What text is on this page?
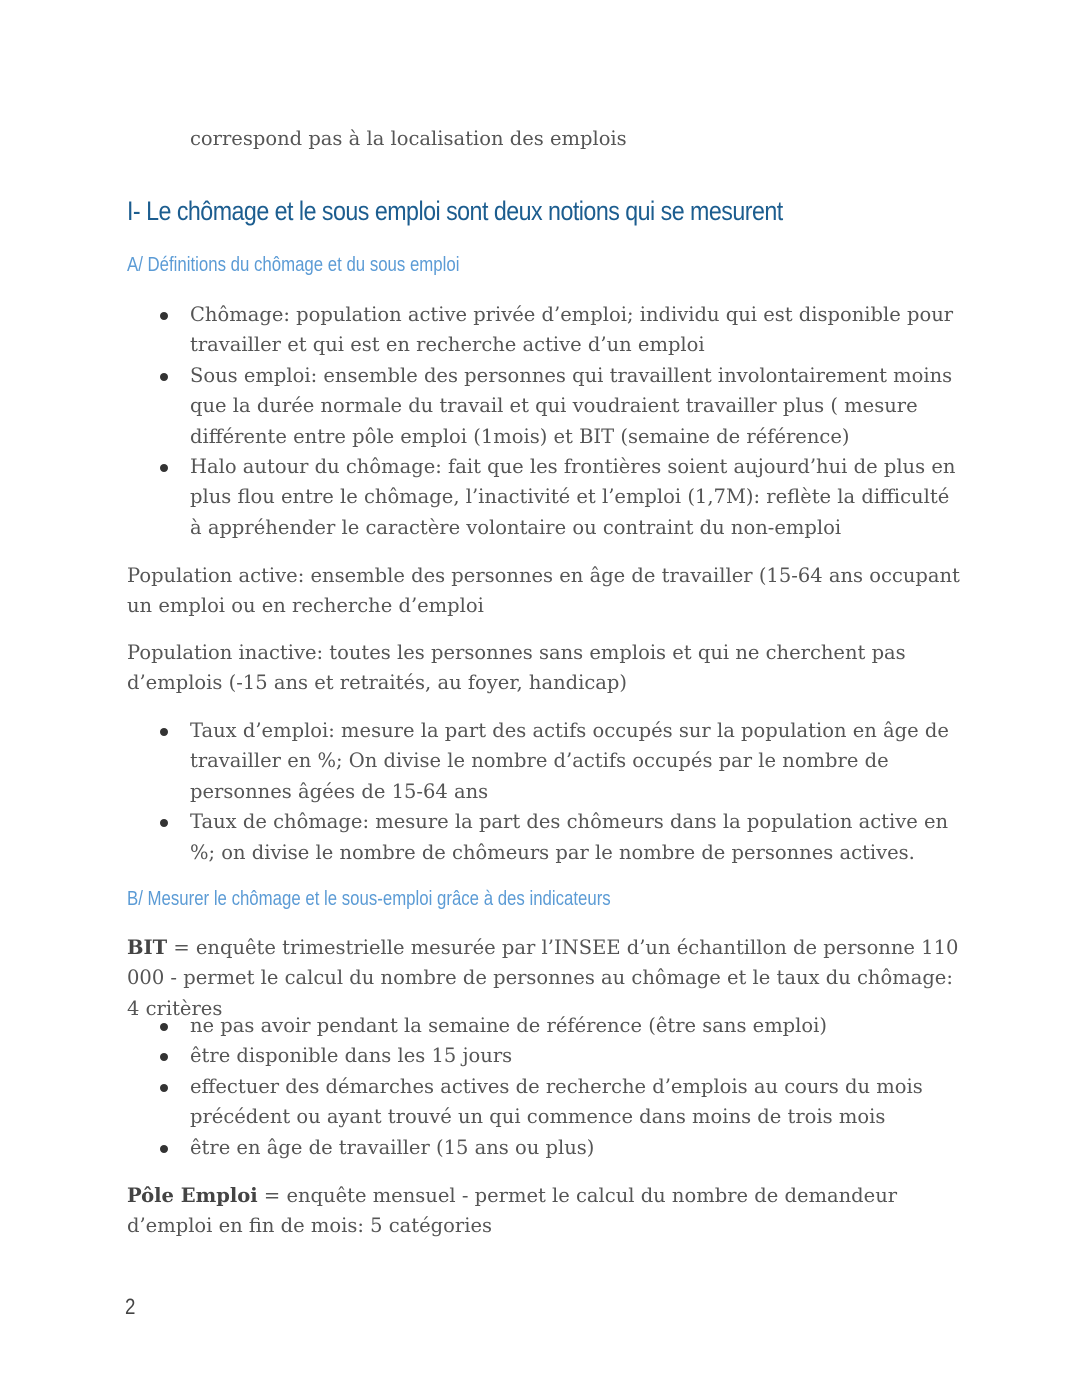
correspond pas à la localisation des emplois

I- Le chômage et le sous emploi sont deux notions qui se mesurent
A/ Définitions du chômage et du sous emploi
Chômage: population active privée d’emploi; individu qui est disponible pour travailler et qui est en recherche active d’un emploi
Sous emploi: ensemble des personnes qui travaillent involontairement moins que la durée normale du travail et qui voudraient travailler plus ( mesure différente entre pôle emploi (1mois) et BIT (semaine de référence)
Halo autour du chômage: fait que les frontières soient aujourd’hui de plus en plus flou entre le chômage, l’inactivité et l’emploi (1,7M): reflète la difficulté à appréhender le caractère volontaire ou contraint du non-emploi

Population active: ensemble des personnes en âge de travailler (15-64 ans occupant un emploi ou en recherche d’emploi

Population inactive: toutes les personnes sans emplois et qui ne cherchent pas d’emplois (-15 ans et retraités, au foyer, handicap)

Taux d’emploi: mesure la part des actifs occupés sur la population en âge de travailler en %; On divise le nombre d’actifs occupés par le nombre de personnes âgées de 15-64 ans
Taux de chômage: mesure la part des chômeurs dans la population active en %; on divise le nombre de chômeurs par le nombre de personnes actives.
B/ Mesurer le chômage et le sous-emploi grâce à des indicateurs

BIT = enquête trimestrielle mesurée par l’INSEE d’un échantillon de personne 110 000 - permet le calcul du nombre de personnes au chômage et le taux du chômage: 4 critères

ne pas avoir pendant la semaine de référence (être sans emploi)
être disponible dans les 15 jours
effectuer des démarches actives de recherche d’emplois au cours du mois précédent ou ayant trouvé un qui commence dans moins de trois mois
être en âge de travailler (15 ans ou plus)

Pôle Emploi = enquête mensuel - permet le calcul du nombre de demandeur d’emploi en fin de mois: 5 catégories

2
